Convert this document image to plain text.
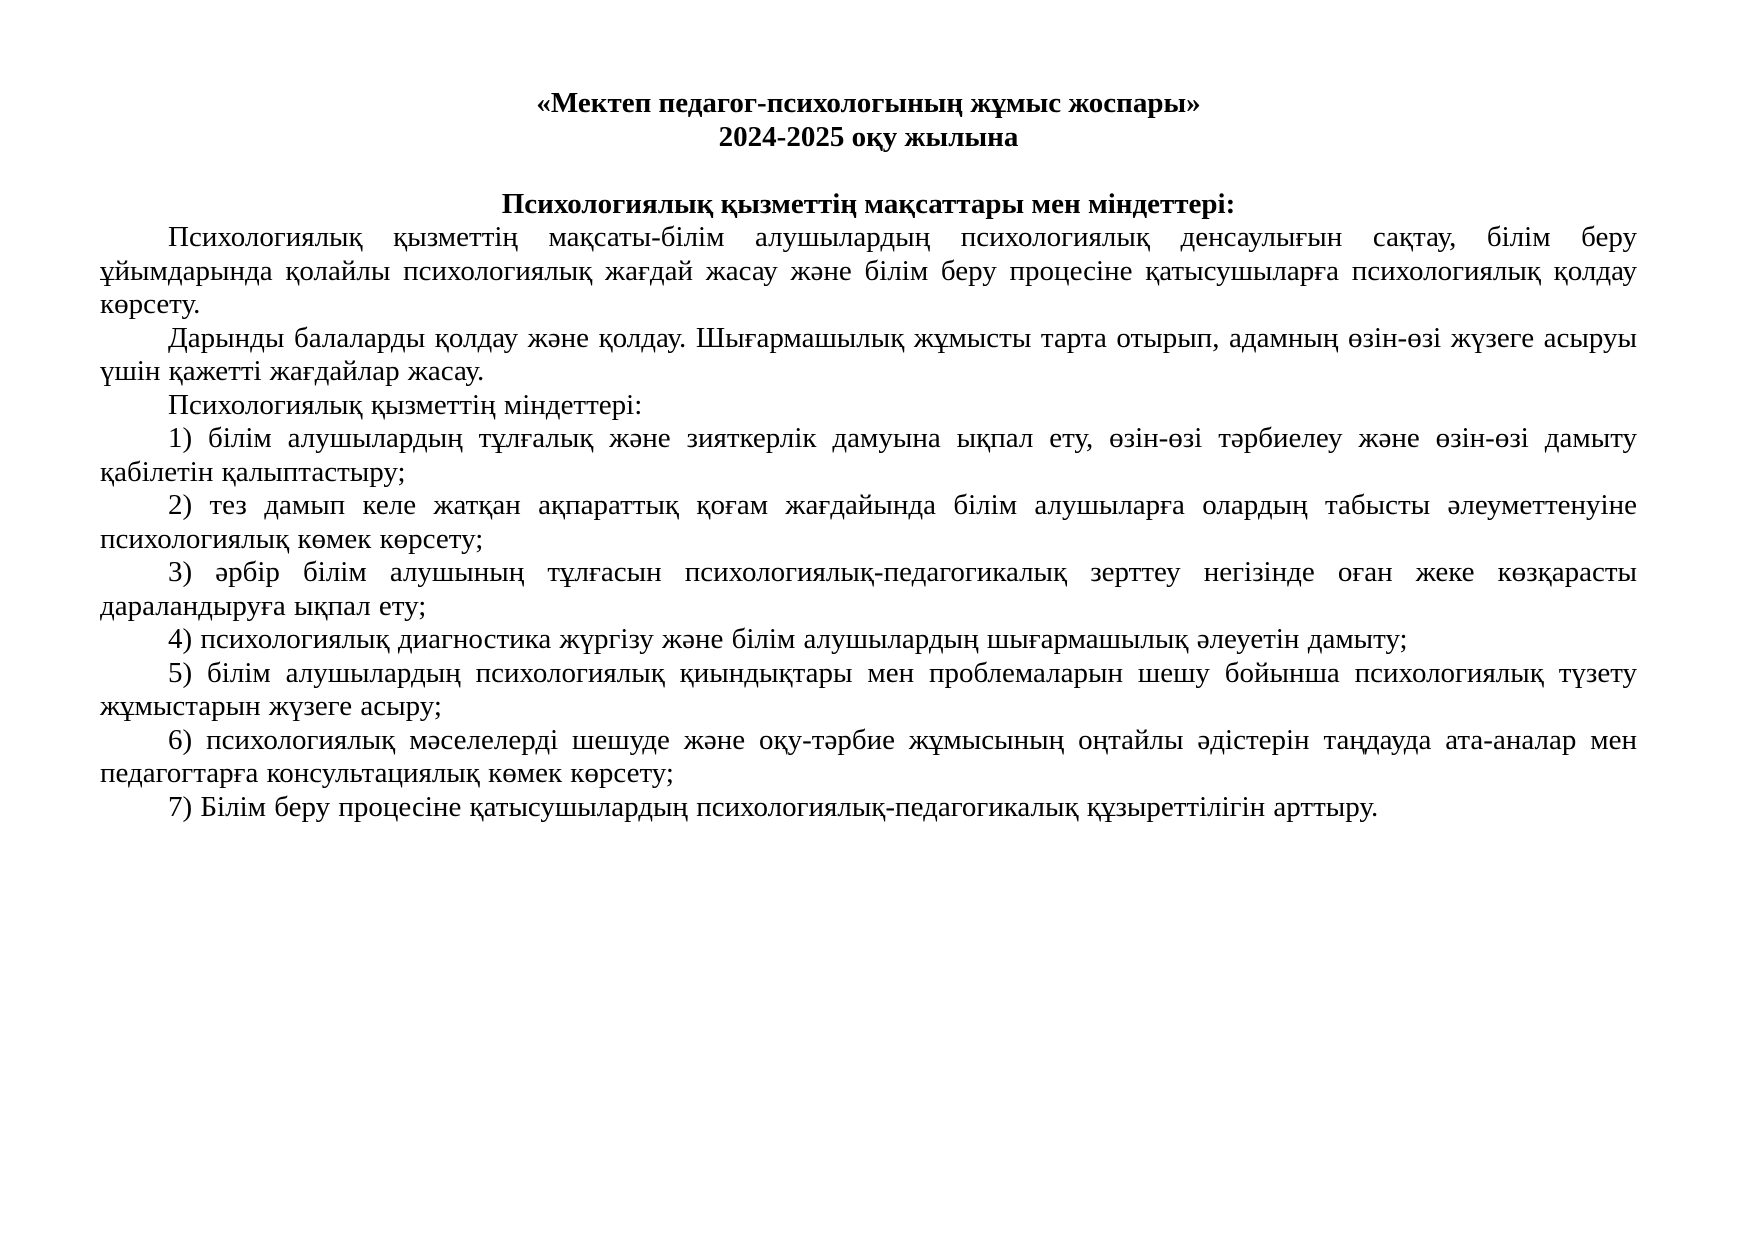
«Мектеп педагог-психологының жұмыс жоспары»
2024-2025 оқу жылына
Психологиялық қызметтің мақсаттары мен міндеттері:

Психологиялық қызметтің мақсаты-білім алушылардың психологиялық денсаулығын сақтау, білім беру ұйымдарында қолайлы психологиялық жағдай жасау және білім беру процесіне қатысушыларға психологиялық қолдау көрсету.

Дарынды балаларды қолдау және қолдау. Шығармашылық жұмысты тарта отырып, адамның өзін-өзі жүзеге асыруы үшін қажетті жағдайлар жасау.

Психологиялық қызметтің міндеттері:

1) білім алушылардың тұлғалық және зияткерлік дамуына ықпал ету, өзін-өзі тәрбиелеу және өзін-өзі дамыту қабілетін қалыптастыру;

2) тез дамып келе жатқан ақпараттық қоғам жағдайында білім алушыларға олардың табысты әлеуметтенуіне психологиялық көмек көрсету;

3) әрбір білім алушының тұлғасын психологиялық-педагогикалық зерттеу негізінде оған жеке көзқарасты дараландыруға ықпал ету;

4) психологиялық диагностика жүргізу және білім алушылардың шығармашылық әлеуетін дамыту;

5) білім алушылардың психологиялық қиындықтары мен проблемаларын шешу бойынша психологиялық түзету жұмыстарын жүзеге асыру;

6) психологиялық мәселелерді шешуде және оқу-тәрбие жұмысының оңтайлы әдістерін таңдауда ата-аналар мен педагогтарға консультациялық көмек көрсету;

7) Білім беру процесіне қатысушылардың психологиялық-педагогикалық құзыреттілігін арттыру.
